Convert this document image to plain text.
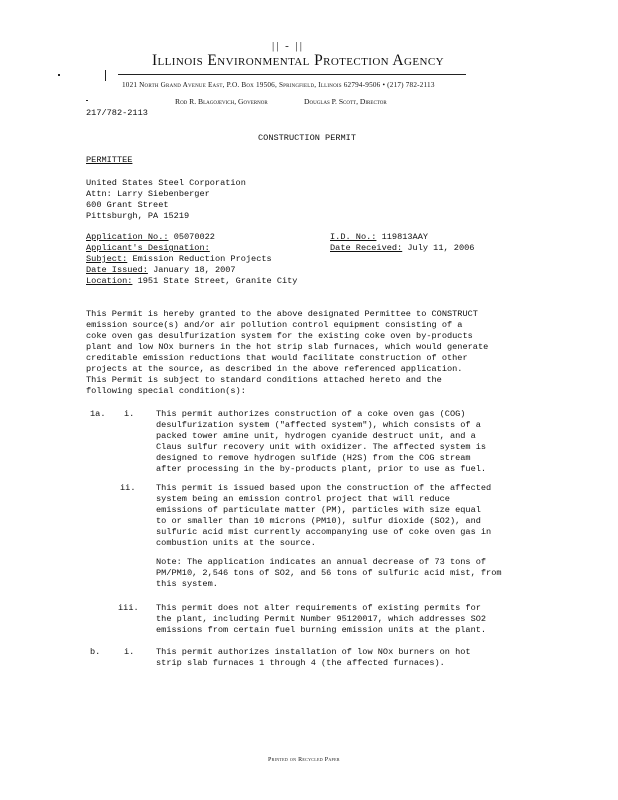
|| - ||
Illinois Environmental Protection Agency
1021 North Grand Avenue East, P.O. Box 19506, Springfield, Illinois 62794-9506 • (217) 782-2113
Rod R. Blagojevich, Governor	Douglas P. Scott, Director
217/782-2113
CONSTRUCTION PERMIT
PERMITTEE
United States Steel Corporation
Attn: Larry Siebenberger
600 Grant Street
Pittsburgh, PA 15219
Application No.: 05070022	I.D. No.: 119813AAY
Applicant's Designation:	Date Received: July 11, 2006
Subject: Emission Reduction Projects
Date Issued: January 18, 2007
Location: 1951 State Street, Granite City
This Permit is hereby granted to the above designated Permittee to CONSTRUCT
emission source(s) and/or air pollution control equipment consisting of a
coke oven gas desulfurization system for the existing coke oven by-products
plant and low NOx burners in the hot strip slab furnaces, which would generate
creditable emission reductions that would facilitate construction of other
projects at the source, as described in the above referenced application.
This Permit is subject to standard conditions attached hereto and the
following special condition(s):
1a. i.	This permit authorizes construction of a coke oven gas (COG)
desulfurization system ("affected system"), which consists of a
packed tower amine unit, hydrogen cyanide destruct unit, and a
Claus sulfur recovery unit with oxidizer. The affected system is
designed to remove hydrogen sulfide (H2S) from the COG stream
after processing in the by-products plant, prior to use as fuel.
ii. This permit is issued based upon the construction of the affected
system being an emission control project that will reduce
emissions of particulate matter (PM), particles with size equal
to or smaller than 10 microns (PM10), sulfur dioxide (SO2), and
sulfuric acid mist currently accompanying use of coke oven gas in
combustion units at the source.
Note: The application indicates an annual decrease of 73 tons of
PM/PM10, 2,546 tons of SO2, and 56 tons of sulfuric acid mist, from
this system.
iii. This permit does not alter requirements of existing permits for
the plant, including Permit Number 95120017, which addresses SO2
emissions from certain fuel burning emission units at the plant.
b.	i.	This permit authorizes installation of low NOx burners on hot
strip slab furnaces 1 through 4 (the affected furnaces).
Printed on Recycled Paper
